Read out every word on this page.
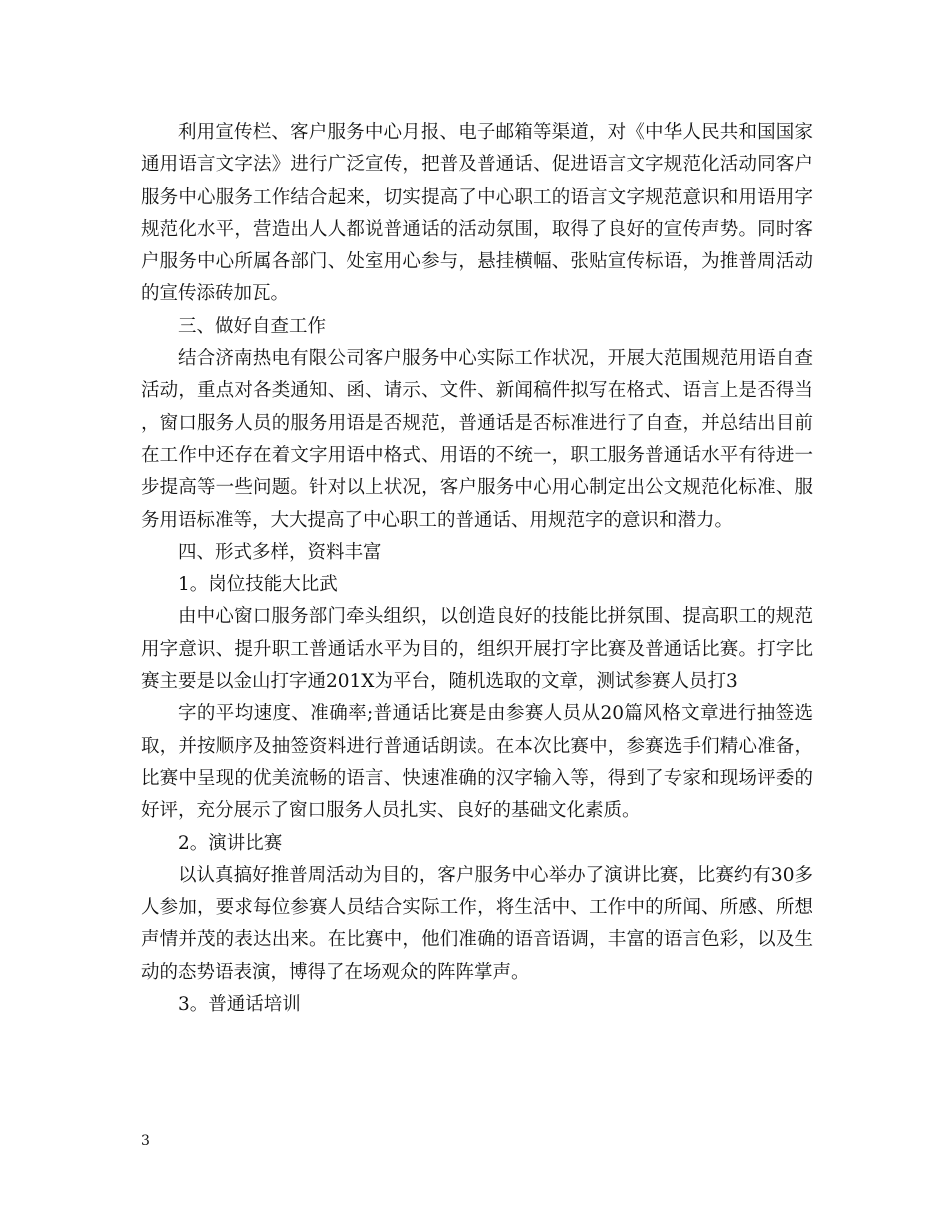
利用宣传栏、客户服务中心月报、电子邮箱等渠道，对《中华人民共和国国家通用语言文字法》进行广泛宣传，把普及普通话、促进语言文字规范化活动同客户服务中心服务工作结合起来，切实提高了中心职工的语言文字规范意识和用语用字规范化水平，营造出人人都说普通话的活动氛围，取得了良好的宣传声势。同时客户服务中心所属各部门、处室用心参与，悬挂横幅、张贴宣传标语，为推普周活动的宣传添砖加瓦。

三、做好自查工作

结合济南热电有限公司客户服务中心实际工作状况，开展大范围规范用语自查活动，重点对各类通知、函、请示、文件、新闻稿件拟写在格式、语言上是否得当，窗口服务人员的服务用语是否规范，普通话是否标准进行了自查，并总结出目前在工作中还存在着文字用语中格式、用语的不统一，职工服务普通话水平有待进一步提高等一些问题。针对以上状况，客户服务中心用心制定出公文规范化标准、服务用语标准等，大大提高了中心职工的普通话、用规范字的意识和潜力。

四、形式多样，资料丰富

1。岗位技能大比武

由中心窗口服务部门牵头组织，以创造良好的技能比拼氛围、提高职工的规范用字意识、提升职工普通话水平为目的，组织开展打字比赛及普通话比赛。打字比赛主要是以金山打字通201X为平台，随机选取的文章，测试参赛人员打3

字的平均速度、准确率;普通话比赛是由参赛人员从20篇风格文章进行抽签选取，并按顺序及抽签资料进行普通话朗读。在本次比赛中，参赛选手们精心准备，比赛中呈现的优美流畅的语言、快速准确的汉字输入等，得到了专家和现场评委的好评，充分展示了窗口服务人员扎实、良好的基础文化素质。

2。演讲比赛

以认真搞好推普周活动为目的，客户服务中心举办了演讲比赛，比赛约有30多人参加，要求每位参赛人员结合实际工作，将生活中、工作中的所闻、所感、所想声情并茂的表达出来。在比赛中，他们准确的语音语调，丰富的语言色彩，以及生动的态势语表演，博得了在场观众的阵阵掌声。

3。普通话培训

3
